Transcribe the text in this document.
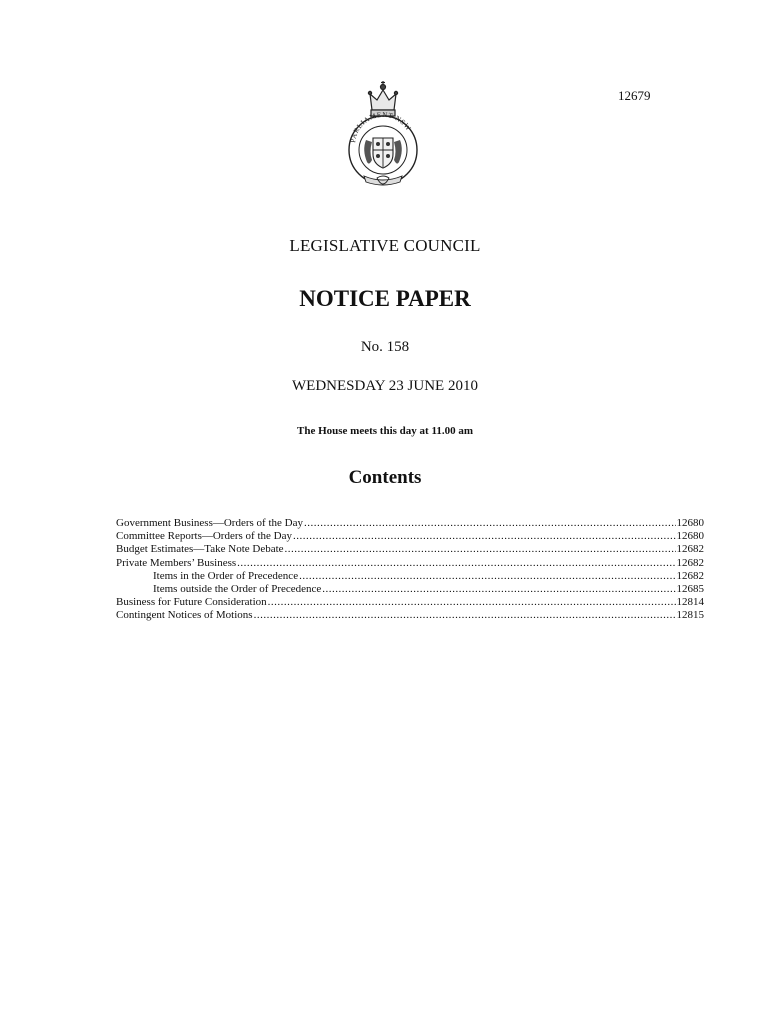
12679
PARLIAMENT NSW
LEGISLATIVE COUNCIL
NOTICE PAPER
No. 158
WEDNESDAY 23 JUNE 2010
The House meets this day at 11.00 am
Contents
Government Business—Orders of the Day .....	12680
Committee Reports—Orders of the Day .....	12680
Budget Estimates—Take Note Debate .....	12682
Private Members’ Business .....	12682
Items in the Order of Precedence .....	12682
Items outside the Order of Precedence .....	12685
Business for Future Consideration .....	12814
Contingent Notices of Motions .....	12815
